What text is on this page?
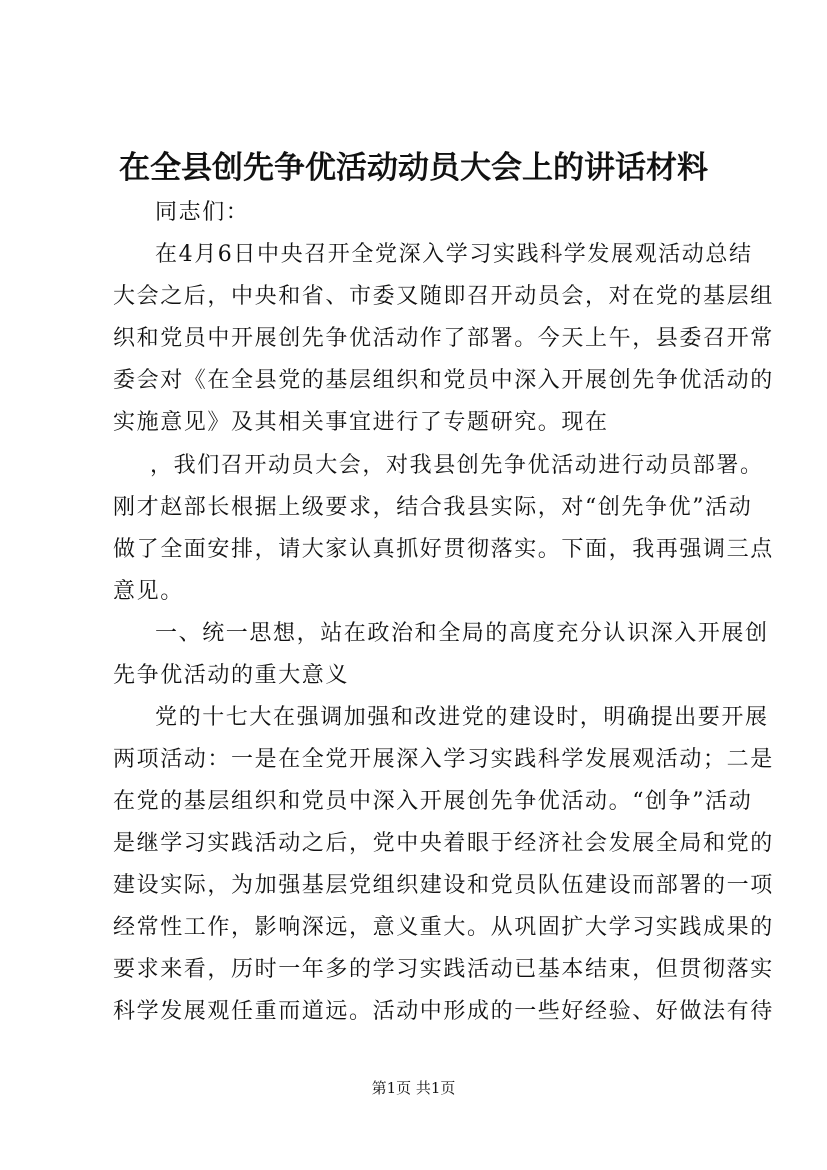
在全县创先争优活动动员大会上的讲话材料
同志们：
在4月6日中央召开全党深入学习实践科学发展观活动总结
大会之后，中央和省、市委又随即召开动员会，对在党的基层组
织和党员中开展创先争优活动作了部署。今天上午，县委召开常
委会对《在全县党的基层组织和党员中深入开展创先争优活动的
实施意见》及其相关事宜进行了专题研究。现在
，我们召开动员大会，对我县创先争优活动进行动员部署。
刚才赵部长根据上级要求，结合我县实际，对“创先争优”活动
做了全面安排，请大家认真抓好贯彻落实。下面，我再强调三点
意见。
一、统一思想，站在政治和全局的高度充分认识深入开展创
先争优活动的重大意义
党的十七大在强调加强和改进党的建设时，明确提出要开展
两项活动：一是在全党开展深入学习实践科学发展观活动；二是
在党的基层组织和党员中深入开展创先争优活动。“创争”活动
是继学习实践活动之后，党中央着眼于经济社会发展全局和党的
建设实际，为加强基层党组织建设和党员队伍建设而部署的一项
经常性工作，影响深远，意义重大。从巩固扩大学习实践成果的
要求来看，历时一年多的学习实践活动已基本结束，但贯彻落实
科学发展观任重而道远。活动中形成的一些好经验、好做法有待
第1页 共1页
